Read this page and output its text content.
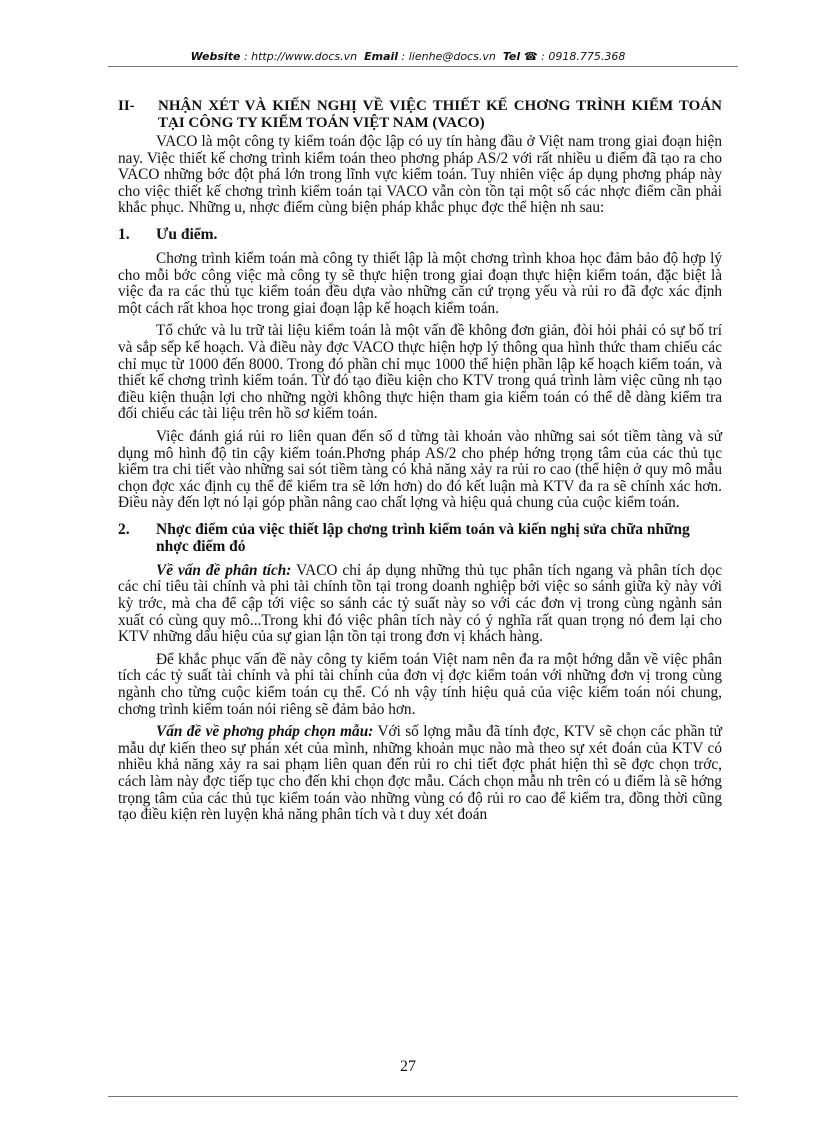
Website : http://www.docs.vn Email : lienhe@docs.vn Tel ☎ : 0918.775.368
II-	NHẬN XÉT VÀ KIẾN NGHỊ VỀ VIỆC THIẾT KẾ CHƠNG TRÌNH KIỂM TOÁN TẠI CÔNG TY KIỂM TOÁN VIỆT NAM (VACO)

VACO là một công ty kiểm toán độc lập có uy tín hàng đầu ở Việt nam trong giai đoạn hiện nay. Việc thiết kế chơng trình kiểm toán theo phơng pháp AS/2 với rất nhiều u điểm đã tạo ra cho VACO những bớc đột phá lớn trong lĩnh vực kiểm toán. Tuy nhiên việc áp dụng phơng pháp này cho việc thiết kế chơng trình kiểm toán tại VACO vẫn còn tồn tại một số các nhợc điểm cần phải khắc phục. Những u, nhợc điểm cùng biện pháp khắc phục đợc thể hiện nh sau:

1.	Ưu điểm.

Chơng trình kiểm toán mà công ty thiết lập là một chơng trình khoa học đảm bảo độ hợp lý cho mỗi bớc công việc mà công ty sẽ thực hiện trong giai đoạn thực hiện kiểm toán, đặc biệt là việc đa ra các thủ tục kiểm toán đều dựa vào những căn cứ trọng yếu và rủi ro đã đợc xác định một cách rất khoa học trong giai đoạn lập kế hoạch kiểm toán.

Tổ chức và lu trữ tài liệu kiểm toán là một vấn đề không đơn giản, đòi hỏi phải có sự bố trí và sắp sếp kế hoạch. Và điều này đợc VACO thực hiện hợp lý thông qua hình thức tham chiếu các chỉ mục từ 1000 đến 8000. Trong đó phần chỉ mục 1000 thể hiện phần lập kế hoạch kiểm toán, và thiết kế chơng trình kiểm toán. Từ đó tạo điều kiện cho KTV trong quá trình làm việc cũng nh tạo điều kiện thuận lợi cho những ngời không thực hiện tham gia kiểm toán có thể dễ dàng kiểm tra đối chiếu các tài liệu trên hồ sơ kiểm toán.

Việc đánh giá rủi ro liên quan đến số d từng tài khoản vào những sai sót tiềm tàng và sử dụng mô hình độ tin cậy kiểm toán.Phơng pháp AS/2 cho phép hớng trọng tâm của các thủ tục kiểm tra chi tiết vào những sai sót tiềm tàng có khả năng xảy ra rủi ro cao (thể hiện ở quy mô mẫu chọn đợc xác định cụ thể để kiểm tra sẽ lớn hơn) do đó kết luận mà KTV đa ra sẽ chính xác hơn. Điều này đến lợt nó lại góp phần nâng cao chất lợng và hiệu quả chung của cuộc kiểm toán.

2.	Nhợc điểm của việc thiết lập chơng trình kiểm toán và kiến nghị sửa chữa những nhợc điểm đó

Về vấn đề phân tích: VACO chỉ áp dụng những thủ tục phân tích ngang và phân tích dọc các chỉ tiêu tài chính và phi tài chính tồn tại trong doanh nghiệp bởi việc so sánh giữa kỳ này với kỳ trớc, mà cha để cập tới việc so sánh các tỷ suất này so với các đơn vị trong cùng ngành sản xuất có cùng quy mô...Trong khi đó việc phân tích này có ý nghĩa rất quan trọng nó đem lại cho KTV những dấu hiệu của sự gian lận tồn tại trong đơn vị khách hàng.

Để khắc phục vấn đề này công ty kiểm toán Việt nam nên đa ra một hớng dẫn về việc phân tích các tỷ suất tài chính và phi tài chính của đơn vị đợc kiểm toán với những đơn vị trong cùng ngành cho từng cuộc kiểm toán cụ thể. Có nh vậy tính hiệu quả của việc kiểm toán nói chung, chơng trình kiểm toán nói riêng sẽ đảm bảo hơn.

Vấn đề về phơng pháp chọn mẫu: Với số lợng mẫu đã tính đợc, KTV sẽ chọn các phần tử mẫu dự kiến theo sự phán xét của mình, những khoản mục nào mà theo sự xét đoán của KTV có nhiều khả năng xảy ra sai phạm liên quan đến rủi ro chi tiết đợc phát hiện thì sẽ đợc chọn trớc, cách làm này đợc tiếp tục cho đến khi chọn đợc mẫu. Cách chọn mẫu nh trên có u điểm là sẽ hớng trọng tâm của các thủ tục kiểm toán vào những vùng có độ rủi ro cao để kiểm tra, đồng thời cũng tạo điều kiện rèn luyện khả năng phân tích và t duy xét đoán

27
